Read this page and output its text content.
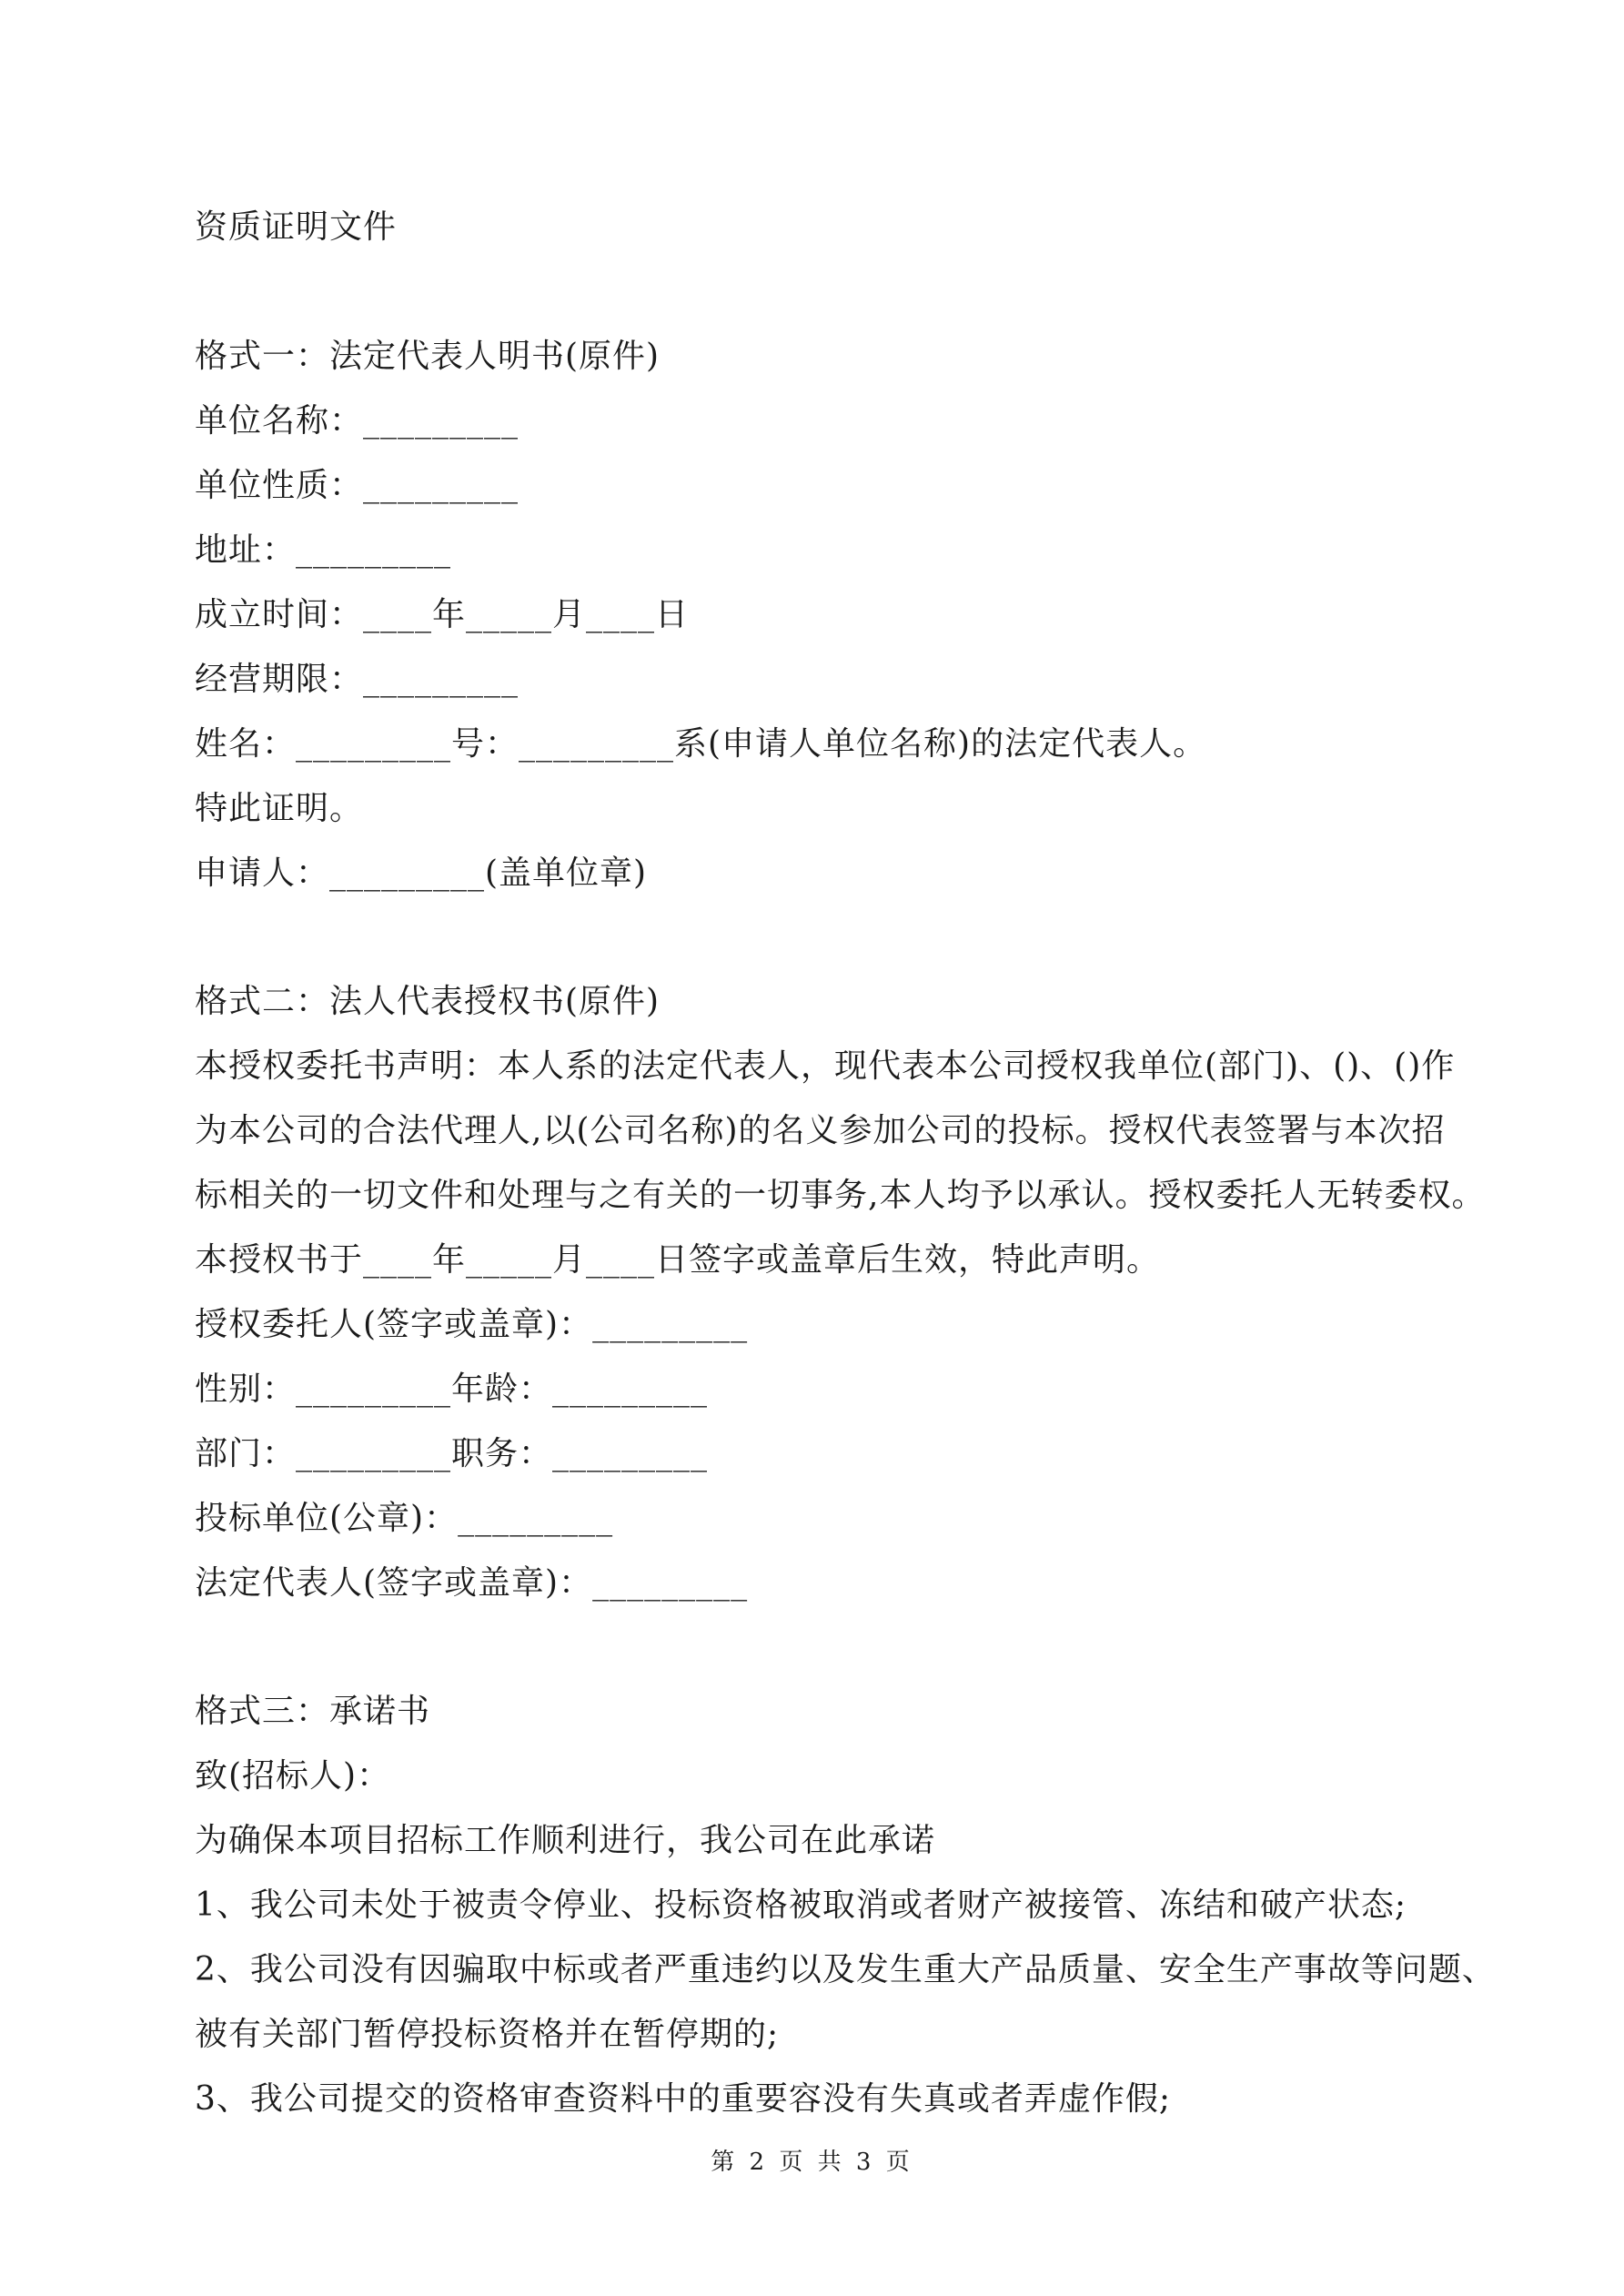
资质证明文件
格式一：法定代表人明书(原件)
单位名称：_________
单位性质：_________
地址：_________
成立时间：____年_____月____日
经营期限：_________
姓名：_________号：_________系(申请人单位名称)的法定代表人。
特此证明。
申请人：_________(盖单位章)
格式二：法人代表授权书(原件)
本授权委托书声明：本人系的法定代表人，现代表本公司授权我单位(部门)、()、()作
为本公司的合法代理人,以(公司名称)的名义参加公司的投标。授权代表签署与本次招
标相关的一切文件和处理与之有关的一切事务,本人均予以承认。授权委托人无转委权。
本授权书于____年_____月____日签字或盖章后生效，特此声明。
授权委托人(签字或盖章)：_________
性别：_________年龄：_________
部门：_________职务：_________
投标单位(公章)：_________
法定代表人(签字或盖章)：_________
格式三：承诺书
致(招标人)：
为确保本项目招标工作顺利进行，我公司在此承诺
1、我公司未处于被责令停业、投标资格被取消或者财产被接管、冻结和破产状态;
2、我公司没有因骗取中标或者严重违约以及发生重大产品质量、安全生产事故等问题、
被有关部门暂停投标资格并在暂停期的;
3、我公司提交的资格审查资料中的重要容没有失真或者弄虚作假;
第 2 页 共 3 页
